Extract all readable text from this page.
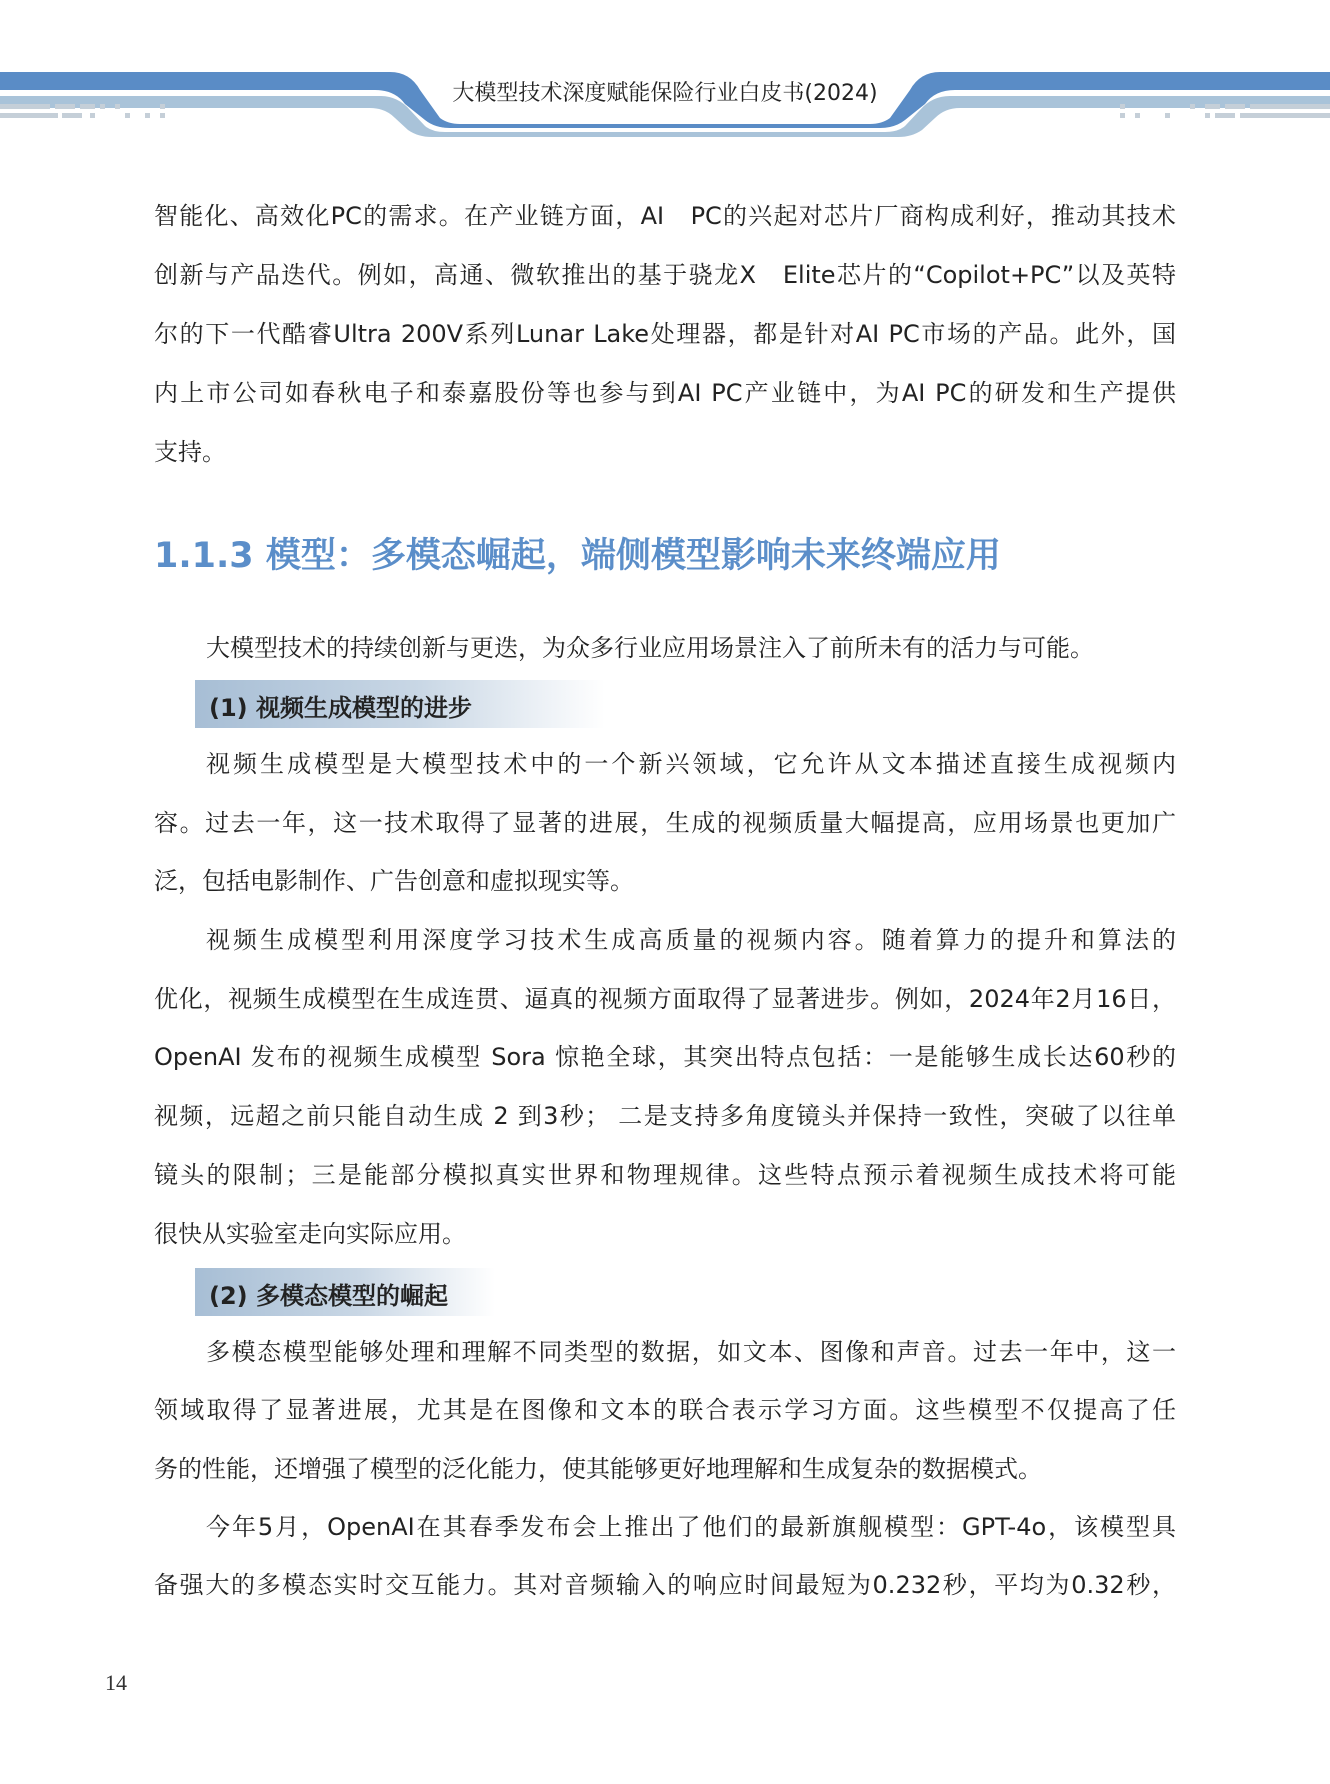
大模型技术深度赋能保险行业白皮书(2024)
智能化、高效化PC的需求。在产业链方面，AI　PC的兴起对芯片厂商构成利好，推动其技术
创新与产品迭代。例如，高通、微软推出的基于骁龙X　Elite芯片的“Copilot+PC”以及英特
尔的下一代酷睿Ultra 200V系列Lunar Lake处理器，都是针对AI PC市场的产品。此外，国
内上市公司如春秋电子和泰嘉股份等也参与到AI PC产业链中，为AI PC的研发和生产提供
支持。
1.1.3 模型：多模态崛起，端侧模型影响未来终端应用
大模型技术的持续创新与更迭，为众多行业应用场景注入了前所未有的活力与可能。
(1) 视频生成模型的进步
视频生成模型是大模型技术中的一个新兴领域，它允许从文本描述直接生成视频内
容。过去一年，这一技术取得了显著的进展，生成的视频质量大幅提高，应用场景也更加广
泛，包括电影制作、广告创意和虚拟现实等。
视频生成模型利用深度学习技术生成高质量的视频内容。随着算力的提升和算法的
优化，视频生成模型在生成连贯、逼真的视频方面取得了显著进步。例如，2024年2月16日，
OpenAI 发布的视频生成模型 Sora 惊艳全球，其突出特点包括：一是能够生成长达60秒的
视频，远超之前只能自动生成 2 到3秒； 二是支持多角度镜头并保持一致性，突破了以往单
镜头的限制；三是能部分模拟真实世界和物理规律。这些特点预示着视频生成技术将可能
很快从实验室走向实际应用。
(2) 多模态模型的崛起
多模态模型能够处理和理解不同类型的数据，如文本、图像和声音。过去一年中，这一
领域取得了显著进展，尤其是在图像和文本的联合表示学习方面。这些模型不仅提高了任
务的性能，还增强了模型的泛化能力，使其能够更好地理解和生成复杂的数据模式。
今年5月，OpenAI在其春季发布会上推出了他们的最新旗舰模型：GPT-4o，该模型具
备强大的多模态实时交互能力。其对音频输入的响应时间最短为0.232秒，平均为0.32秒，
14
